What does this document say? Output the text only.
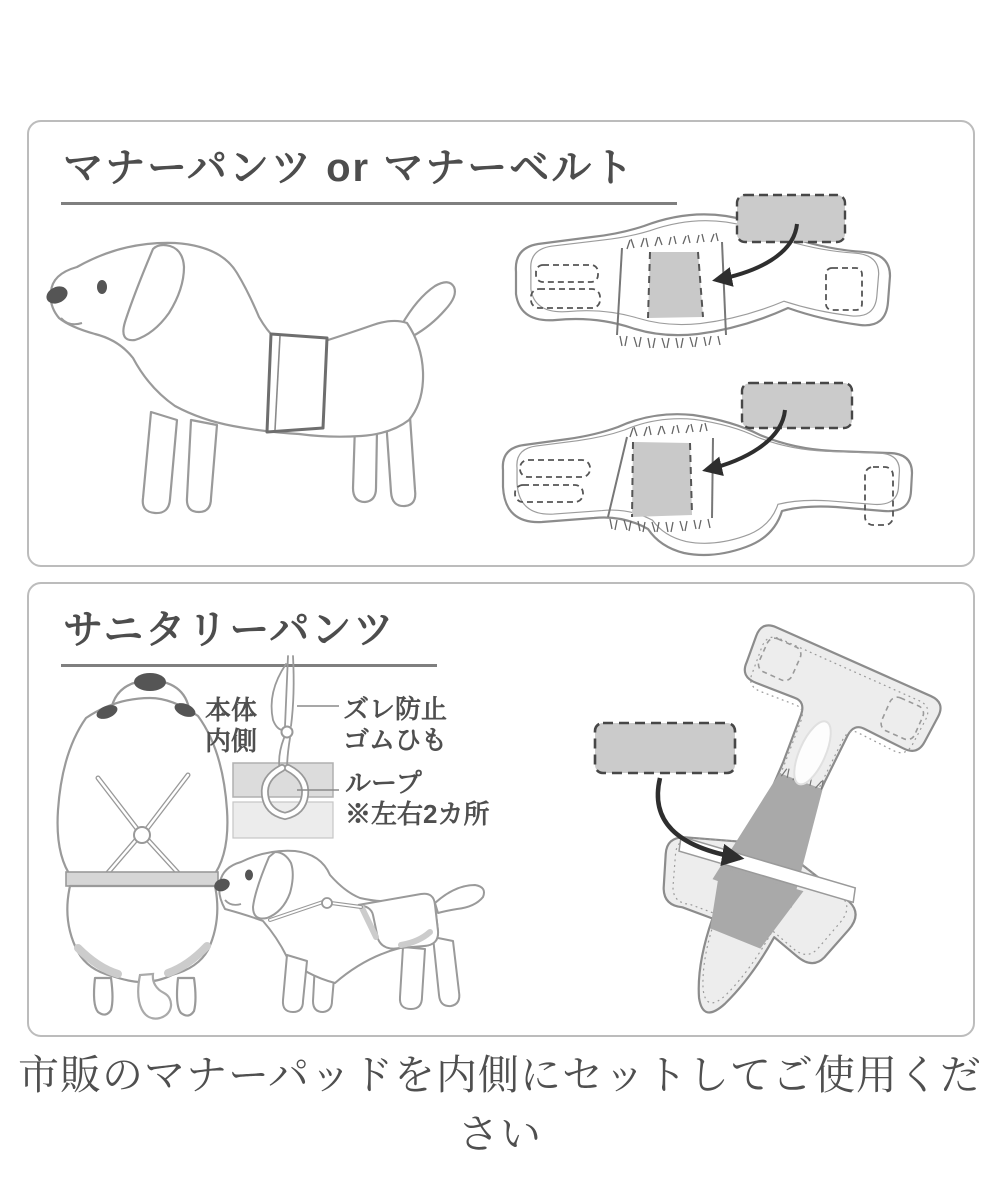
マナーパンツ or マナーベルト
サニタリーパンツ
本体
内側
ズレ防止
ゴムひも
ループ
※左右2カ所
市販のマナーパッドを内側にセットしてご使用ください
